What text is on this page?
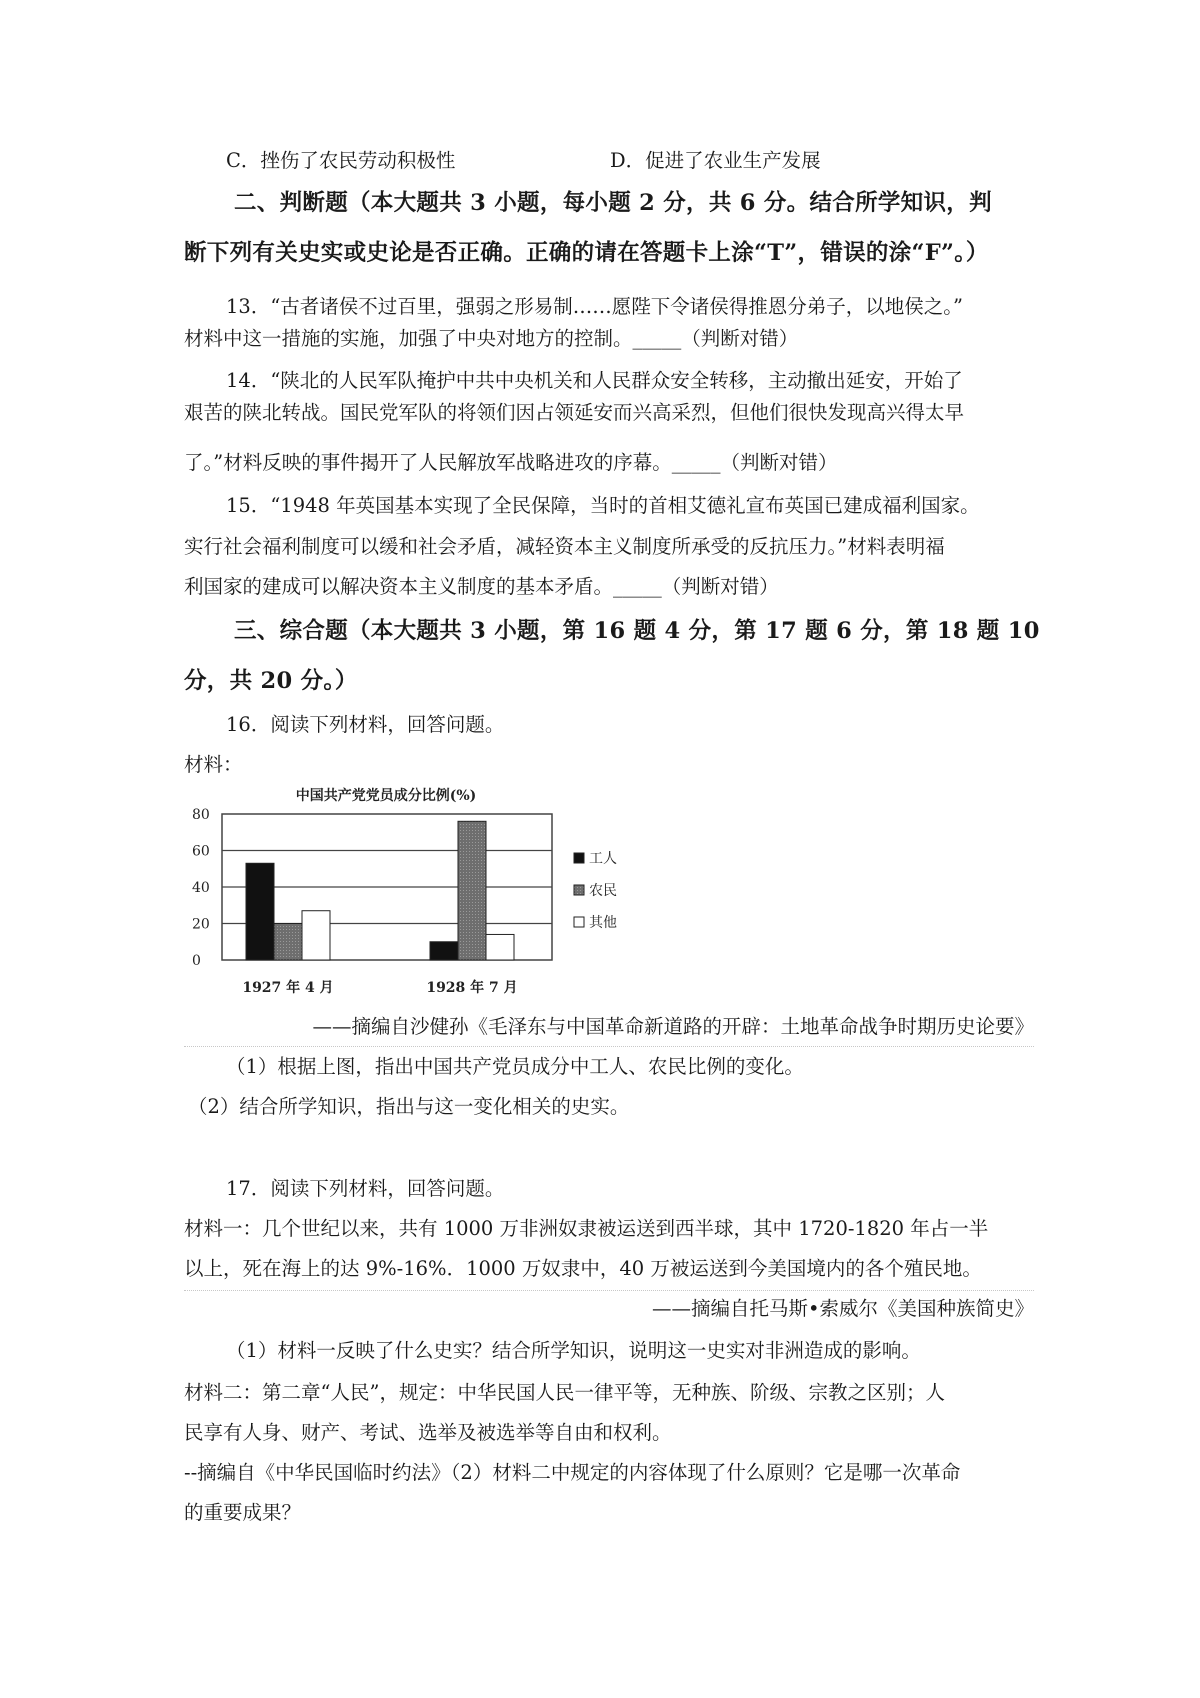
C．挫伤了农民劳动积极性	D．促进了农业生产发展
二、判断题（本大题共 3 小题，每小题 2 分，共 6 分。结合所学知识，判
断下列有关史实或史论是否正确。正确的请在答题卡上涂“T”，错误的涂“F”。）
13．“古者诸侯不过百里，强弱之形易制……愿陛下令诸侯得推恩分弟子，以地侯之。”
材料中这一措施的实施，加强了中央对地方的控制。_____（判断对错）
14．“陕北的人民军队掩护中共中央机关和人民群众安全转移，主动撤出延安，开始了
艰苦的陕北转战。国民党军队的将领们因占领延安而兴高采烈，但他们很快发现高兴得太早
了。”材料反映的事件揭开了人民解放军战略进攻的序幕。_____（判断对错）
15．“1948 年英国基本实现了全民保障，当时的首相艾德礼宣布英国已建成福利国家。
实行社会福利制度可以缓和社会矛盾，减轻资本主义制度所承受的反抗压力。”材料表明福
利国家的建成可以解决资本主义制度的基本矛盾。_____（判断对错）
三、综合题（本大题共 3 小题，第 16 题 4 分，第 17 题 6 分，第 18 题 10
分，共 20 分。）
16．阅读下列材料，回答问题。
材料：
中国共产党党员成分比例(%)
0
20
40
60
80
1927 年 4 月	1928 年 7 月
工人
农民
其他
——摘编自沙健孙《毛泽东与中国革命新道路的开辟：土地革命战争时期历史论要》
（1）根据上图，指出中国共产党员成分中工人、农民比例的变化。
（2）结合所学知识，指出与这一变化相关的史实。
17．阅读下列材料，回答问题。
材料一：几个世纪以来，共有 1000 万非洲奴隶被运送到西半球，其中 1720-1820 年占一半
以上，死在海上的达 9%-16%．1000 万奴隶中，40 万被运送到今美国境内的各个殖民地。
——摘编自托马斯•索威尔《美国种族简史》
（1）材料一反映了什么史实？结合所学知识，说明这一史实对非洲造成的影响。
材料二：第二章“人民”，规定：中华民国人民一律平等，无种族、阶级、宗教之区别；人
民享有人身、财产、考试、选举及被选举等自由和权利。
--摘编自《中华民国临时约法》（2）材料二中规定的内容体现了什么原则？它是哪一次革命
的重要成果？
